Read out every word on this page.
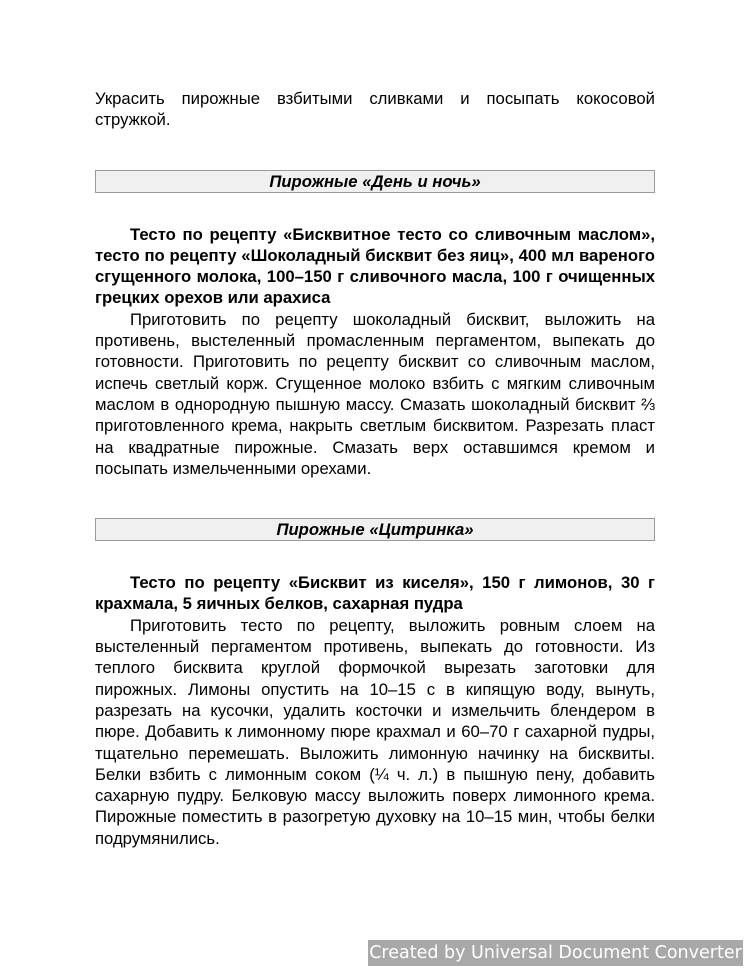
Украсить пирожные взбитыми сливками и посыпать кокосовой стружкой.

Пирожные «День и ночь»

Тесто по рецепту «Бисквитное тесто со сливочным маслом», тесто по рецепту «Шоколадный бисквит без яиц», 400 мл вареного сгущенного молока, 100–150 г сливочного масла, 100 г очищенных грецких орехов или арахиса

Приготовить по рецепту шоколадный бисквит, выложить на противень, выстеленный промасленным пергаментом, выпекать до готовности. Приготовить по рецепту бисквит со сливочным маслом, испечь светлый корж. Сгущенное молоко взбить с мягким сливочным маслом в однородную пышную массу. Смазать шоколадный бисквит ⅔ приготовленного крема, накрыть светлым бисквитом. Разрезать пласт на квадратные пирожные. Смазать верх оставшимся кремом и посыпать измельченными орехами.

Пирожные «Цитринка»

Тесто по рецепту «Бисквит из киселя», 150 г лимонов, 30 г крахмала, 5 яичных белков, сахарная пудра

Приготовить тесто по рецепту, выложить ровным слоем на выстеленный пергаментом противень, выпекать до готовности. Из теплого бисквита круглой формочкой вырезать заготовки для пирожных. Лимоны опустить на 10–15 с в кипящую воду, вынуть, разрезать на кусочки, удалить косточки и измельчить блендером в пюре. Добавить к лимонному пюре крахмал и 60–70 г сахарной пудры, тщательно перемешать. Выложить лимонную начинку на бисквиты. Белки взбить с лимонным соком (¼ ч. л.) в пышную пену, добавить сахарную пудру. Белковую массу выложить поверх лимонного крема. Пирожные поместить в разогретую духовку на 10–15 мин, чтобы белки подрумянились.

Created by Universal Document Converter
